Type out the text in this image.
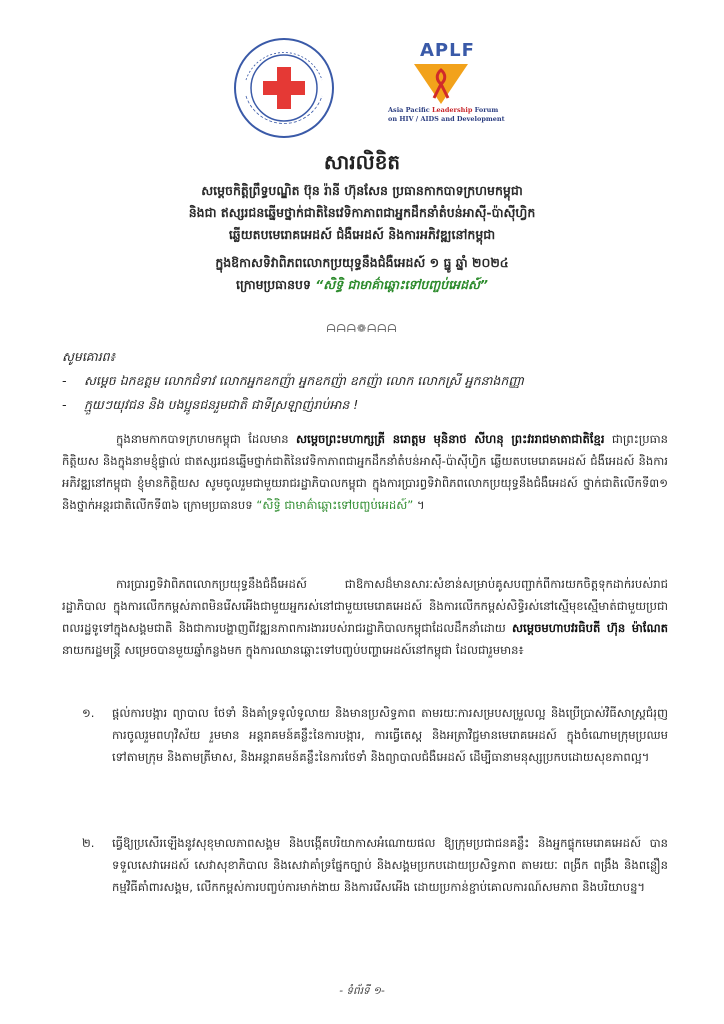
APLF
Asia Pacific Leadership Forum
on HIV / AIDS and Development
សារលិខិត
សម្ដេចកិត្តិព្រឹទ្ធបណ្ឌិត ប៊ុន រ៉ានី ហ៊ុនសែន ប្រធានកាកបាទក្រហមកម្ពុជា
និងជា ឥស្សរជនឆ្នើមថ្នាក់ជាតិនៃវេទិកាភាពជាអ្នកដឹកនាំតំបន់អាស៊ី-ប៉ាស៊ីហ្វិក
ឆ្លើយតបមេរោគអេដស៍ ជំងឺអេដស៍ និងការអភិវឌ្ឍនៅកម្ពុជា
ក្នុងឱកាសទិវាពិភពលោកប្រយុទ្ធនឹងជំងឺអេដស៍ ១ ធ្នូ ឆ្នាំ ២០២៤
ក្រោមប្រធានបទ “សិទ្ធិ ជាមាគ៌ាឆ្ពោះទៅបញ្ចប់អេដស៍”
ᗩᗩᗩ❁ᗩᗩᗩ
សូមគោរព៖
- សម្ដេច ឯកឧត្តម លោកជំទាវ លោកអ្នកឧកញ៉ា អ្នកឧកញ៉ា ឧកញ៉ា លោក លោកស្រី អ្នកនាងកញ្ញា
- ក្មួយៗយុវជន និង បងប្អូនជនរួមជាតិ ជាទីស្រឡាញ់រាប់អាន !
ក្នុងនាមកាកបាទក្រហមកម្ពុជា ដែលមាន សម្ដេចព្រះមហាក្សត្រី នរោត្តម មុនិនាថ សីហនុ ព្រះវររាជមាតាជាតិខ្មែរ ជាព្រះប្រធានកិត្តិយស និងក្នុងនាមខ្ញុំផ្ទាល់ ជាឥស្សរជនឆ្នើមថ្នាក់ជាតិនៃវេទិកាភាពជាអ្នកដឹកនាំតំបន់អាស៊ី-ប៉ាស៊ីហ្វិក ឆ្លើយតបមេរោគអេដស៍ ជំងឺអេដស៍ និងការអភិវឌ្ឍនៅកម្ពុជា ខ្ញុំមានកិត្តិយស សូមចូលរួមជាមួយរាជរដ្ឋាភិបាលកម្ពុជា ក្នុងការប្រារព្ធទិវាពិភពលោកប្រយុទ្ធនឹងជំងឺអេដស៍ ថ្នាក់ជាតិលើកទី៣១ និងថ្នាក់អន្តរជាតិលើកទី៣៦ ក្រោមប្រធានបទ “សិទ្ធិ ជាមាគ៌ាឆ្ពោះទៅបញ្ចប់អេដស៍” ។
ការប្រារព្ធទិវាពិភពលោកប្រយុទ្ធនឹងជំងឺអេដស៍ ជាឱកាសដ៏មានសារៈសំខាន់សម្រាប់គូសបញ្ជាក់ពីការយកចិត្តទុកដាក់របស់រាជរដ្ឋាភិបាល ក្នុងការលើកកម្ពស់ភាពមិនរើសអើងជាមួយអ្នករស់នៅជាមួយមេរោគអេដស៍ និងការលើកកម្ពស់សិទ្ធិរស់នៅស្មើមុខស្មើមាត់ជាមួយប្រជាពលរដ្ឋទូទៅក្នុងសង្គមជាតិ និងជាការបង្ហាញពីវឌ្ឍនភាពការងាររបស់រាជរដ្ឋាភិបាលកម្ពុជាដែលដឹកនាំដោយ សម្ដេចមហាបវរធិបតី ហ៊ុន ម៉ាណែត នាយករដ្ឋមន្ត្រី សម្រេចបានមួយឆ្នាំកន្លងមក ក្នុងការឈានឆ្ពោះទៅបញ្ចប់បញ្ហាអេដស៍នៅកម្ពុជា ដែលជារួមមាន៖
១.	ផ្ដល់ការបង្ការ ព្យាបាល ថែទាំ និងគាំទ្រទូលំទូលាយ និងមានប្រសិទ្ធភាព តាមរយៈការសម្របសម្រួលល្អ និងប្រើប្រាស់វិធីសាស្ត្រជំរុញការចូលរួមពហុវិស័យ រួមមាន អន្តរាគមន៍គន្លឹះនៃការបង្ការ, ការធ្វើតេស្ត និងអត្រាវិជ្ជមានមេរោគអេដស៍ ក្នុងចំណោមក្រុមប្រឈម ទៅតាមក្រុម និងតាមត្រីមាស, និងអន្តរាគមន៍គន្លឹះនៃការថែទាំ និងព្យាបាលជំងឺអេដស៍ ដើម្បីធានាមនុស្សប្រកបដោយសុខភាពល្អ។
២.	ធ្វើឱ្យប្រសើរឡើងនូវសុខុមាលភាពសង្គម និងបង្កើតបរិយាកាសអំណោយផល ឱ្យក្រុមប្រជាជនគន្លឹះ និងអ្នកផ្ទុកមេរោគអេដស៍ បានទទួលសេវាអេដស៍ សេវាសុខាភិបាល និងសេវាគាំទ្រផ្នែកច្បាប់ និងសង្គមប្រកបដោយប្រសិទ្ធភាព តាមរយៈ ពង្រីក ពង្រឹង និងពន្លឿនកម្មវិធីគាំពារសង្គម, លើកកម្ពស់ការបញ្ចប់ការមាក់ងាយ និងការរើសអើង ដោយប្រកាន់ខ្ជាប់គោលការណ៍សមភាព និងបរិយាបន្ន។
- ទំព័រទី ១-
